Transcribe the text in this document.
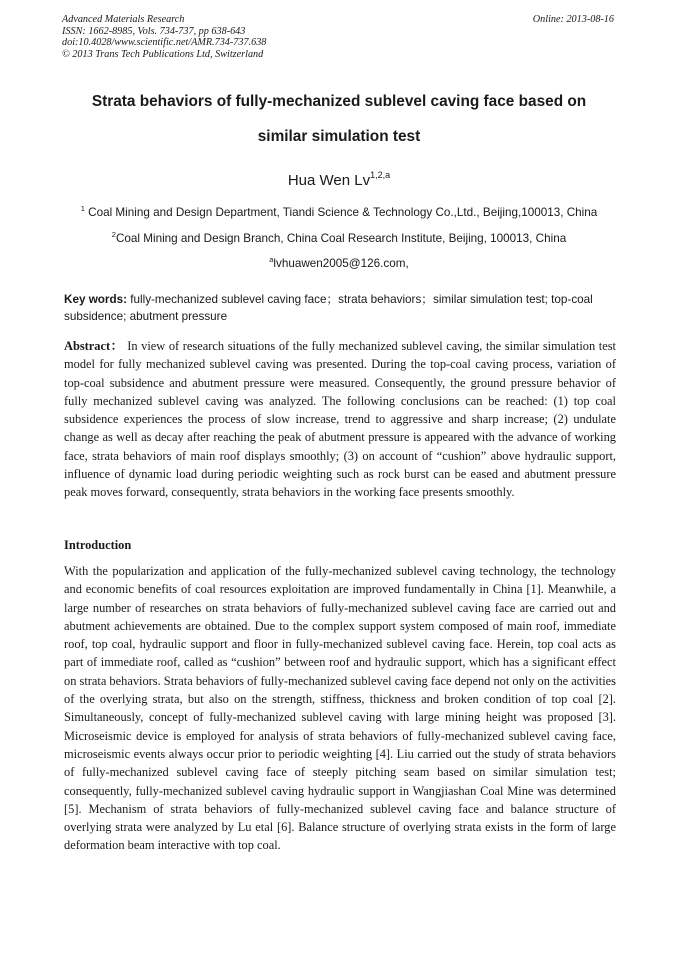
Advanced Materials Research
ISSN: 1662-8985, Vols. 734-737, pp 638-643
doi:10.4028/www.scientific.net/AMR.734-737.638
© 2013 Trans Tech Publications Ltd, Switzerland
Online: 2013-08-16
Strata behaviors of fully-mechanized sublevel caving face based on
similar simulation test
Hua Wen Lv$^{1,2,a}$
$^1$ Coal Mining and Design Department, Tiandi Science & Technology Co.,Ltd., Beijing,100013, China
$^2$Coal Mining and Design Branch, China Coal Research Institute, Beijing, 100013, China
$^a$lvhuawen2005@126.com,
Key words: fully-mechanized sublevel caving face；strata behaviors；similar simulation test; top-coal subsidence; abutment pressure
Abstract： In view of research situations of the fully mechanized sublevel caving, the similar simulation test model for fully mechanized sublevel caving was presented. During the top-coal caving process, variation of top-coal subsidence and abutment pressure were measured. Consequently, the ground pressure behavior of fully mechanized sublevel caving was analyzed. The following conclusions can be reached: (1) top coal subsidence experiences the process of slow increase, trend to aggressive and sharp increase; (2) undulate change as well as decay after reaching the peak of abutment pressure is appeared with the advance of working face, strata behaviors of main roof displays smoothly; (3) on account of “cushion” above hydraulic support, influence of dynamic load during periodic weighting such as rock burst can be eased and abutment pressure peak moves forward, consequently, strata behaviors in the working face presents smoothly.
Introduction
With the popularization and application of the fully-mechanized sublevel caving technology, the technology and economic benefits of coal resources exploitation are improved fundamentally in China [1]. Meanwhile, a large number of researches on strata behaviors of fully-mechanized sublevel caving face are carried out and abutment achievements are obtained. Due to the complex support system composed of main roof, immediate roof, top coal, hydraulic support and floor in fully-mechanized sublevel caving face. Herein, top coal acts as part of immediate roof, called as “cushion” between roof and hydraulic support, which has a significant effect on strata behaviors. Strata behaviors of fully-mechanized sublevel caving face depend not only on the activities of the overlying strata, but also on the strength, stiffness, thickness and broken condition of top coal [2]. Simultaneously, concept of fully-mechanized sublevel caving with large mining height was proposed [3]. Microseismic device is employed for analysis of strata behaviors of fully-mechanized sublevel caving face, microseismic events always occur prior to periodic weighting [4]. Liu carried out the study of strata behaviors of fully-mechanized sublevel caving face of steeply pitching seam based on similar simulation test; consequently, fully-mechanized sublevel caving hydraulic support in Wangjiashan Coal Mine was determined [5]. Mechanism of strata behaviors of fully-mechanized sublevel caving face and balance structure of overlying strata were analyzed by Lu etal [6]. Balance structure of overlying strata exists in the form of large deformation beam interactive with top coal.
